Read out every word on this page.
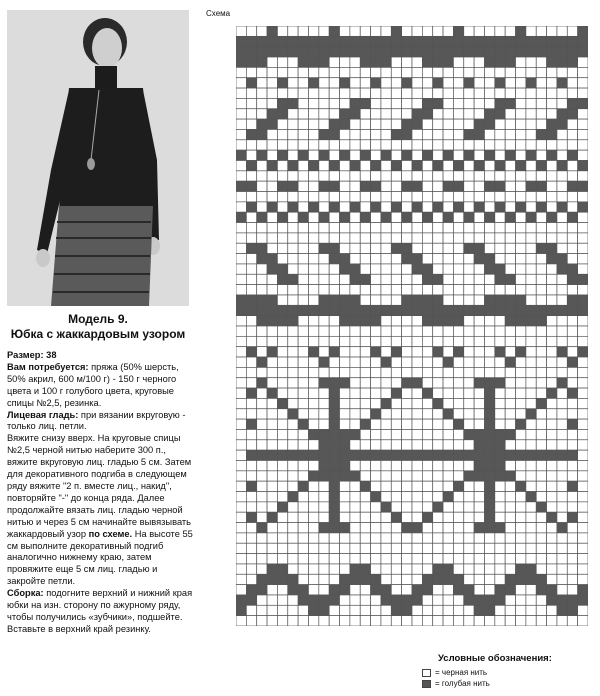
Модель 9.
Юбка с жаккардовым узором

Размер: 38

Вам потребуется: пряжа (50% шерсть, 50% акрил, 600 м/100 г) - 150 г черного цвета и 100 г голубого цвета, круговые спицы №2,5, резинка.

Лицевая гладь: при вязании вкруговую - только лиц. петли.

Вяжите снизу вверх. На круговые спицы №2,5 черной нитью наберите 300 п., вяжите вкруговую лиц. гладью 5 см. Затем для декоративного подгиба в следующем ряду вяжите "2 п. вместе лиц., накид", повторяйте "-" до конца ряда. Далее продолжайте вязать лиц. гладью черной нитью и через 5 см начинайте вывязывать жаккардовый узор по схеме. На высоте 55 см выполните декоративный подгиб аналогично нижнему краю, затем провяжите еще 5 см лиц. гладью и закройте петли.

Сборка: подогните верхний и нижний края юбки на изн. сторону по ажурному ряду, чтобы получились «зубчики», подшейте. Вставьте в верхний край резинку.

Схема
Условные обозначения:
= черная нить
= голубая нить
